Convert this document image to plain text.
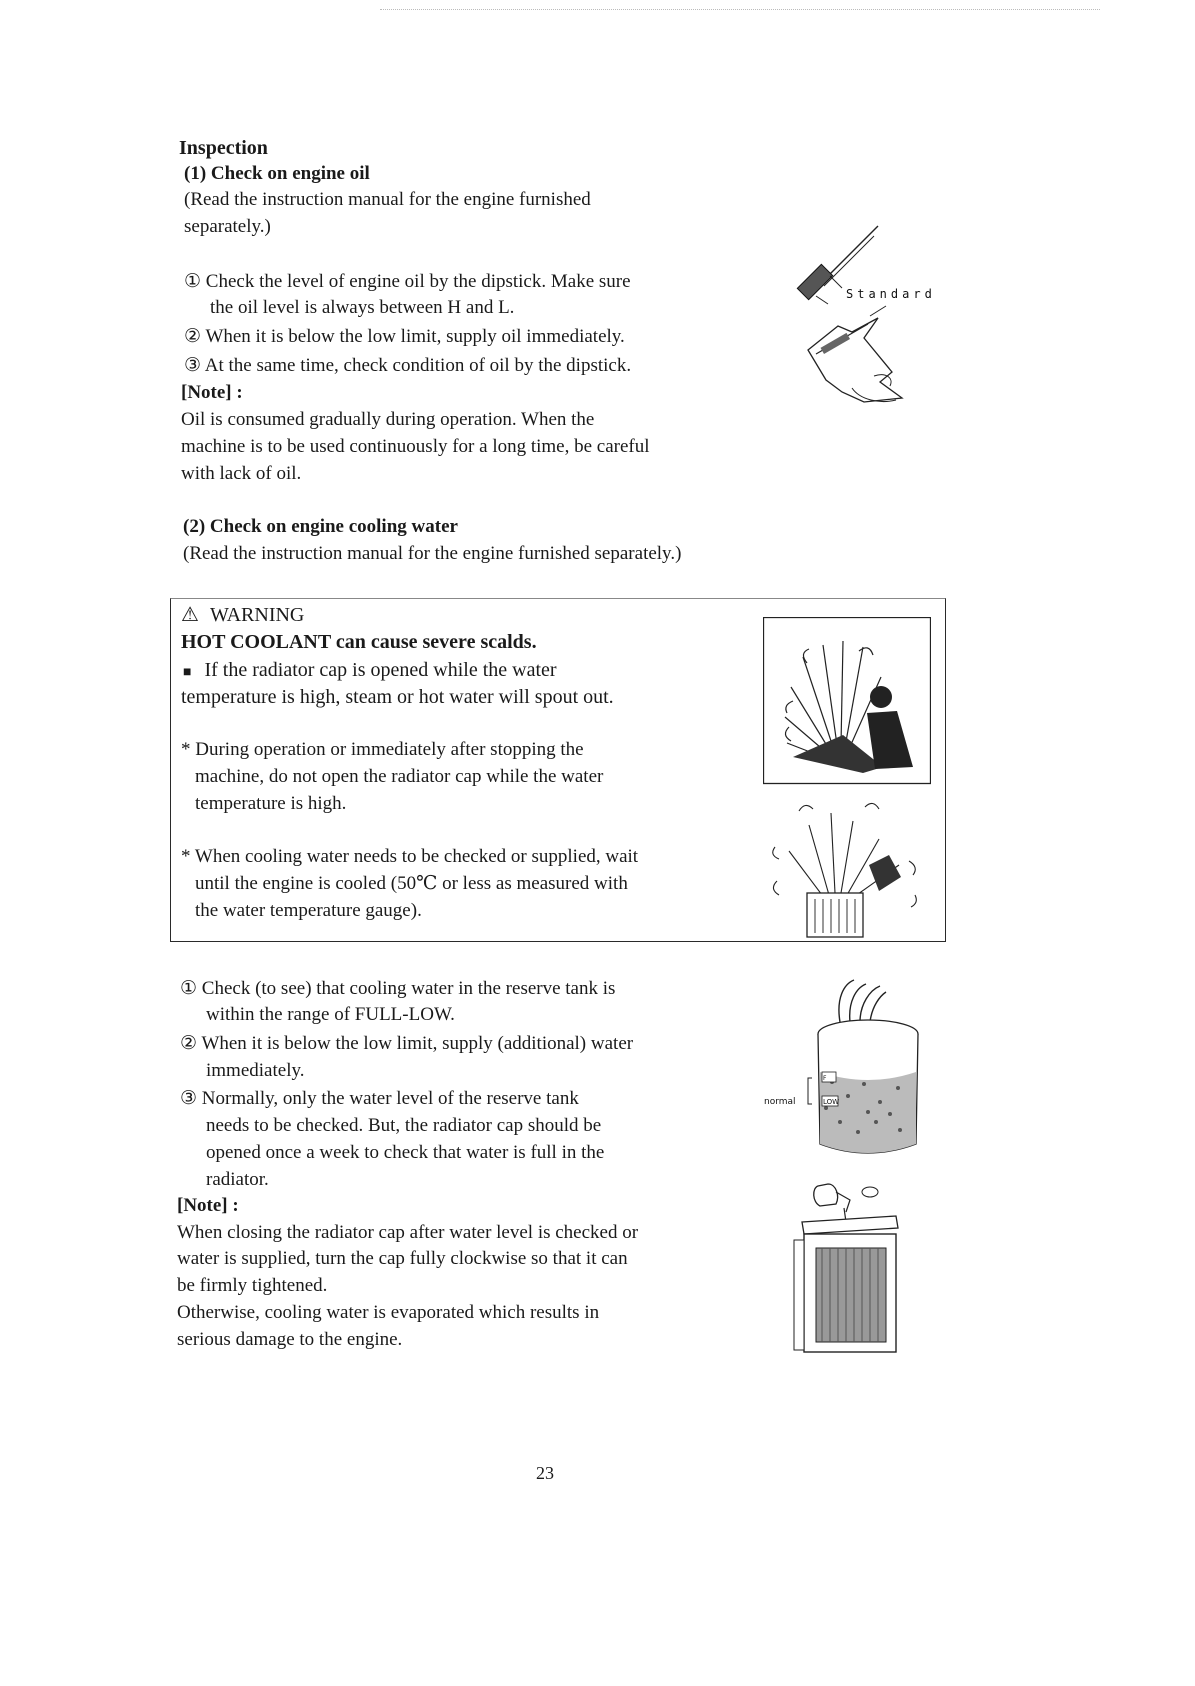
Inspection

(1) Check on engine oil

(Read the instruction manual for the engine furnished

separately.)

① Check the level of engine oil by the dipstick. Make sure

the oil level is always between H and L.

② When it is below the low limit, supply oil immediately.

③ At the same time, check condition of oil by the dipstick.

[Note] :

Oil is consumed gradually during operation. When the

machine is to be used continuously for a long time, be careful

with lack of oil.

Standard

(2) Check on engine cooling water

(Read the instruction manual for the engine furnished separately.)

⚠ WARNING

HOT COOLANT can cause severe scalds.

■ If the radiator cap is opened while the water

temperature is high, steam or hot water will spout out.

* During operation or immediately after stopping the

machine, do not open the radiator cap while the water

temperature is high.

* When cooling water needs to be checked or supplied, wait

until the engine is cooled (50℃ or less as measured with

the water temperature gauge).

① Check (to see) that cooling water in the reserve tank is

within the range of FULL-LOW.

② When it is below the low limit, supply (additional) water

immediately.

③ Normally, only the water level of the reserve tank

needs to be checked. But, the radiator cap should be

opened once a week to check that water is full in the

radiator.

[Note] :

When closing the radiator cap after water level is checked or

water is supplied, turn the cap fully clockwise so that it can

be firmly tightened.

Otherwise, cooling water is evaporated which results in

serious damage to the engine.

F
LOW
normal

23
